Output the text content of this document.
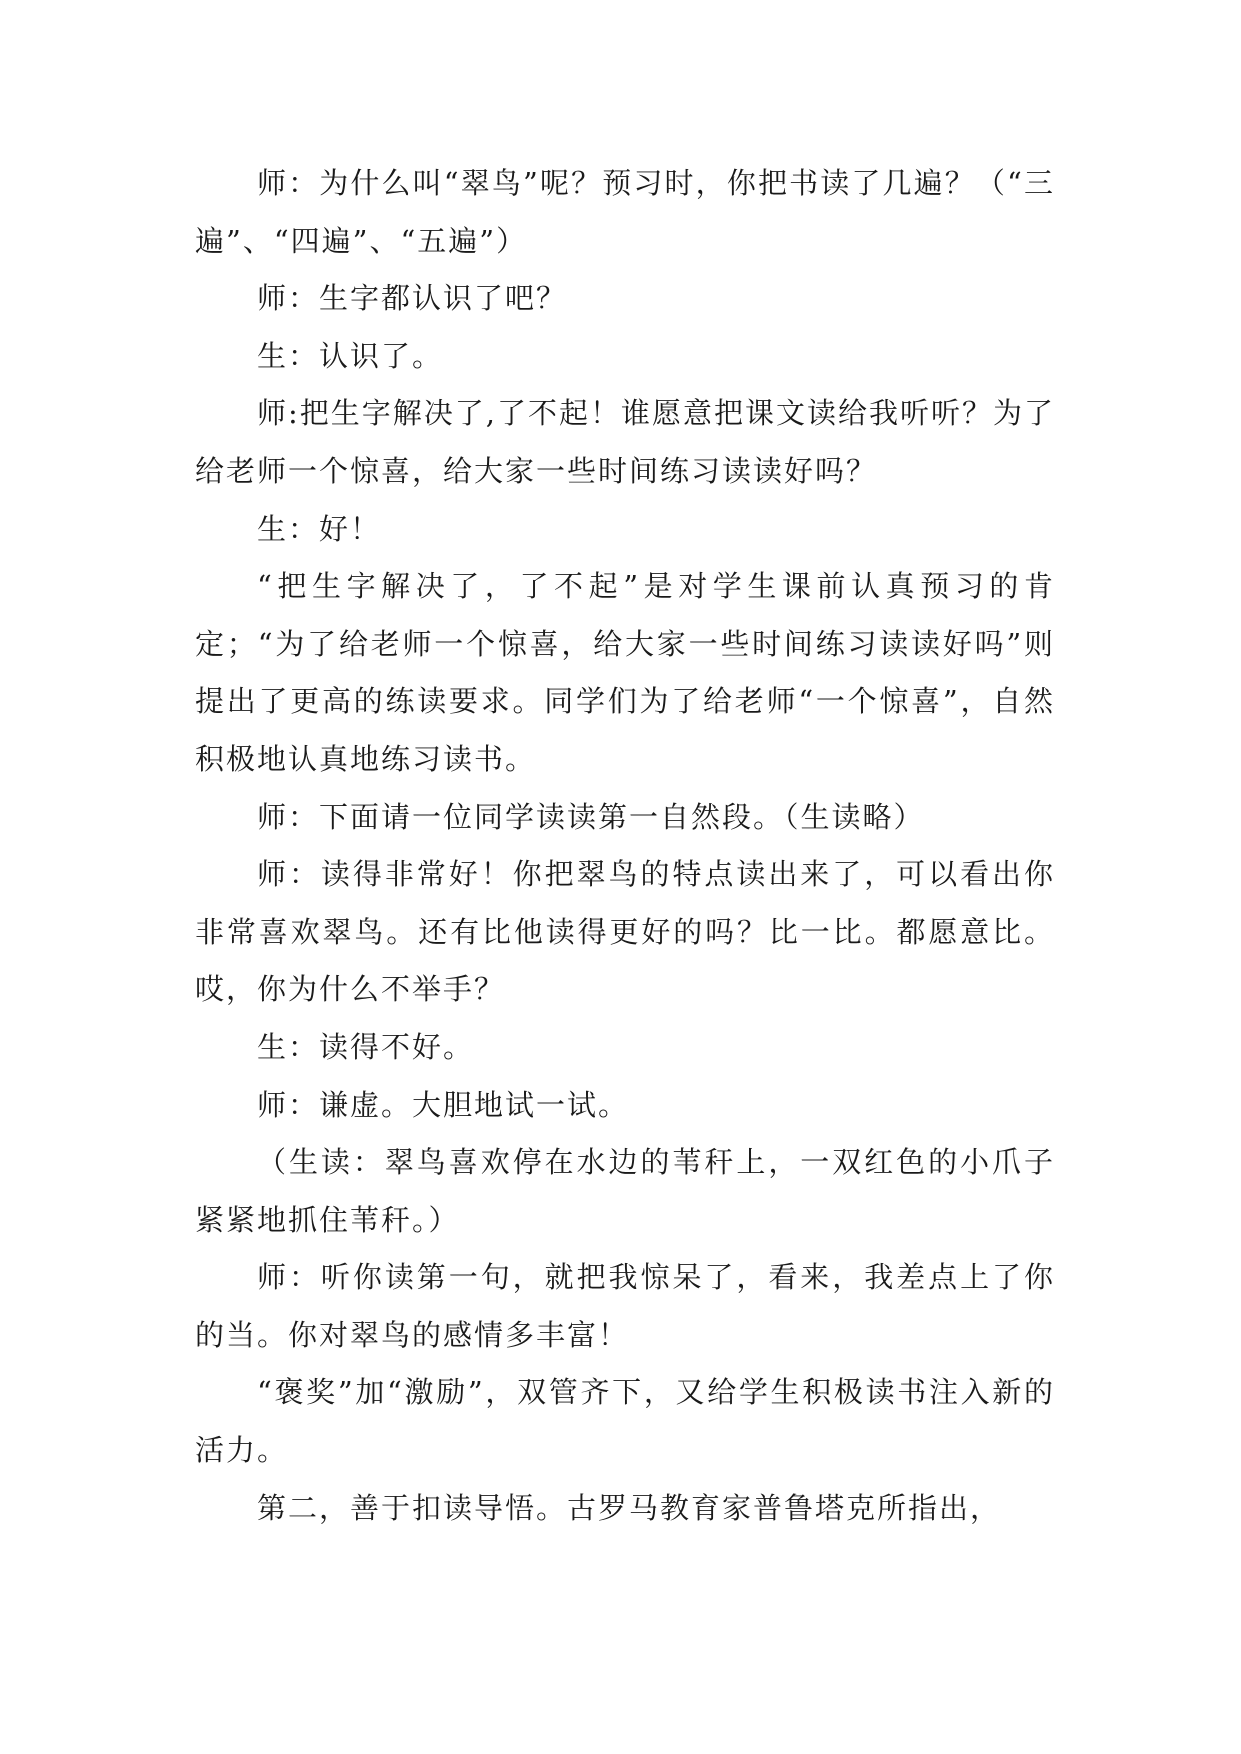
师：为什么叫“翠鸟”呢？预习时，你把书读了几遍？（“三遍”、“四遍”、“五遍”）

师：生字都认识了吧？

生：认识了。

师:把生字解决了,了不起！谁愿意把课文读给我听听？为了给老师一个惊喜，给大家一些时间练习读读好吗？

生：好！

“把生字解决了，了不起”是对学生课前认真预习的肯定；“为了给老师一个惊喜，给大家一些时间练习读读好吗”则提出了更高的练读要求。同学们为了给老师“一个惊喜”，自然积极地认真地练习读书。

师：下面请一位同学读读第一自然段。（生读略）

师：读得非常好！你把翠鸟的特点读出来了，可以看出你非常喜欢翠鸟。还有比他读得更好的吗？比一比。都愿意比。哎，你为什么不举手？

生：读得不好。

师：谦虚。大胆地试一试。

（生读：翠鸟喜欢停在水边的苇秆上，一双红色的小爪子紧紧地抓住苇秆。）

师：听你读第一句，就把我惊呆了，看来，我差点上了你的当。你对翠鸟的感情多丰富！

“褒奖”加“激励”，双管齐下，又给学生积极读书注入新的活力。

第二，善于扣读导悟。古罗马教育家普鲁塔克所指出，
